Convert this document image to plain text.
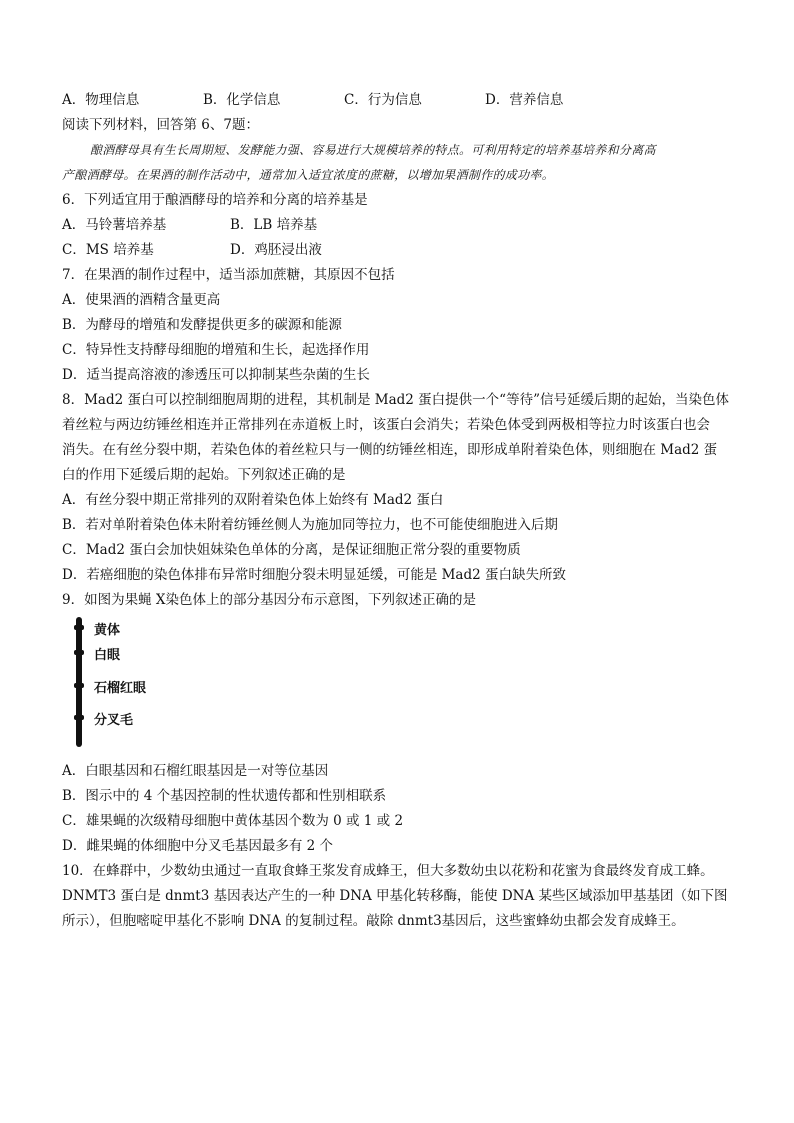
A．物理信息	B．化学信息	C．行为信息	D．营养信息
阅读下列材料，回答第 6、7题：
酿酒酵母具有生长周期短、发酵能力强、容易进行大规模培养的特点。可利用特定的培养基培养和分离高
产酿酒酵母。在果酒的制作活动中，通常加入适宜浓度的蔗糖，以增加果酒制作的成功率。
6．下列适宜用于酿酒酵母的培养和分离的培养基是
A．马铃薯培养基	B．LB 培养基
C．MS 培养基	D．鸡胚浸出液
7．在果酒的制作过程中，适当添加蔗糖，其原因不包括
A．使果酒的酒精含量更高
B．为酵母的增殖和发酵提供更多的碳源和能源
C．特异性支持酵母细胞的增殖和生长，起选择作用
D．适当提高溶液的渗透压可以抑制某些杂菌的生长
8．Mad2 蛋白可以控制细胞周期的进程，其机制是 Mad2 蛋白提供一个“等待”信号延缓后期的起始，当染色体
着丝粒与两边纺锤丝相连并正常排列在赤道板上时，该蛋白会消失；若染色体受到两极相等拉力时该蛋白也会
消失。在有丝分裂中期，若染色体的着丝粒只与一侧的纺锤丝相连，即形成单附着染色体，则细胞在 Mad2 蛋
白的作用下延缓后期的起始。下列叙述正确的是
A．有丝分裂中期正常排列的双附着染色体上始终有 Mad2 蛋白
B．若对单附着染色体未附着纺锤丝侧人为施加同等拉力，也不可能使细胞进入后期
C．Mad2 蛋白会加快姐妹染色单体的分离，是保证细胞正常分裂的重要物质
D．若癌细胞的染色体排布异常时细胞分裂未明显延缓，可能是 Mad2 蛋白缺失所致
9．如图为果蝇 X染色体上的部分基因分布示意图，下列叙述正确的是
黄体
白眼
石榴红眼
分叉毛
A．白眼基因和石榴红眼基因是一对等位基因
B．图示中的 4 个基因控制的性状遗传都和性别相联系
C．雄果蝇的次级精母细胞中黄体基因个数为 0 或 1 或 2
D．雌果蝇的体细胞中分叉毛基因最多有 2 个
10．在蜂群中，少数幼虫通过一直取食蜂王浆发育成蜂王，但大多数幼虫以花粉和花蜜为食最终发育成工蜂。
DNMT3 蛋白是 dnmt3 基因表达产生的一种 DNA 甲基化转移酶，能使 DNA 某些区域添加甲基基团（如下图
所示），但胞嘧啶甲基化不影响 DNA 的复制过程。敲除 dnmt3基因后，这些蜜蜂幼虫都会发育成蜂王。
